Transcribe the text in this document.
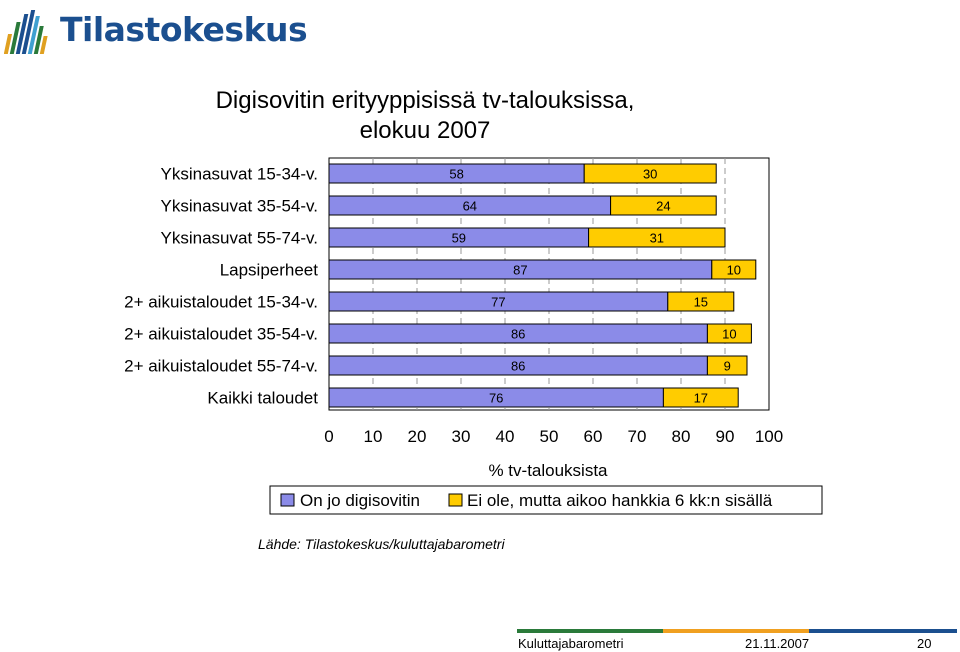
Tilastokeskus
Digisovitin erityyppisissä tv-talouksissa,
elokuu 2007
58	30
64	24
59	31
87	10
77	15
86	10
86	9
76	17
Yksinasuvat 15-34-v.
Yksinasuvat 35-54-v.
Yksinasuvat 55-74-v.
Lapsiperheet
2+ aikuistaloudet 15-34-v.
2+ aikuistaloudet 35-54-v.
2+ aikuistaloudet 55-74-v.
Kaikki taloudet
0 10 20 30 40 50 60 70 80 90 100
% tv-talouksista
On jo digisovitin	Ei ole, mutta aikoo hankkia 6 kk:n sisällä
Lähde: Tilastokeskus/kuluttajabarometri
Kuluttajabarometri	21.11.2007	20
